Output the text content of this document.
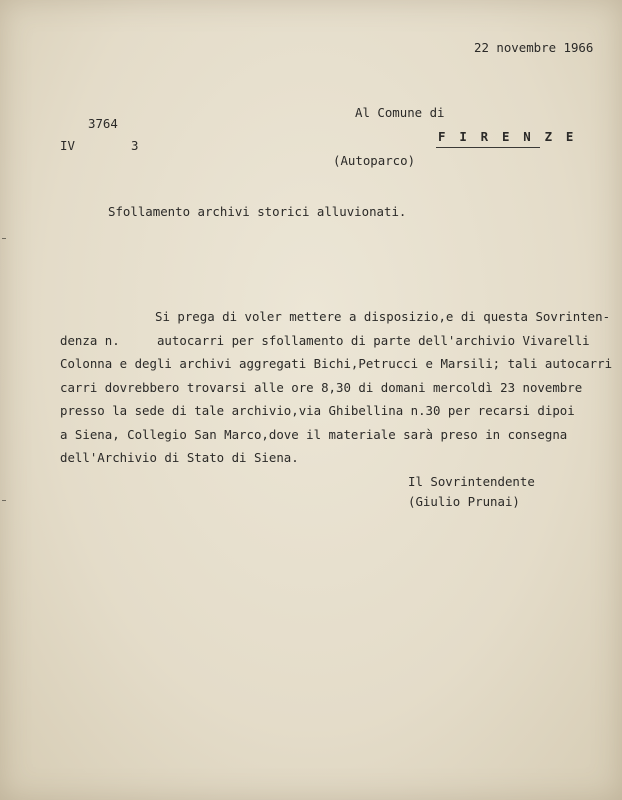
22 novembre 1966
Al Comune di
F I R E N Z E
3764
IV	3
(Autoparco)
Sfollamento archivi storici alluvionati.
Si prega di voler mettere a disposizio,e di questa Sovrinten-
denza n.     autocarri per sfollamento di parte dell'archivio Vivarelli
Colonna e degli archivi aggregati Bichi,Petrucci e Marsili; tali autocarri
carri dovrebbero trovarsi alle ore 8,30 di domani mercoldì 23 novembre
presso la sede di tale archivio,via Ghibellina n.30 per recarsi dipoi
a Siena, Collegio San Marco,dove il materiale sarà preso in consegna
dell'Archivio di Stato di Siena.
Il Sovrintendente
(Giulio Prunai)
